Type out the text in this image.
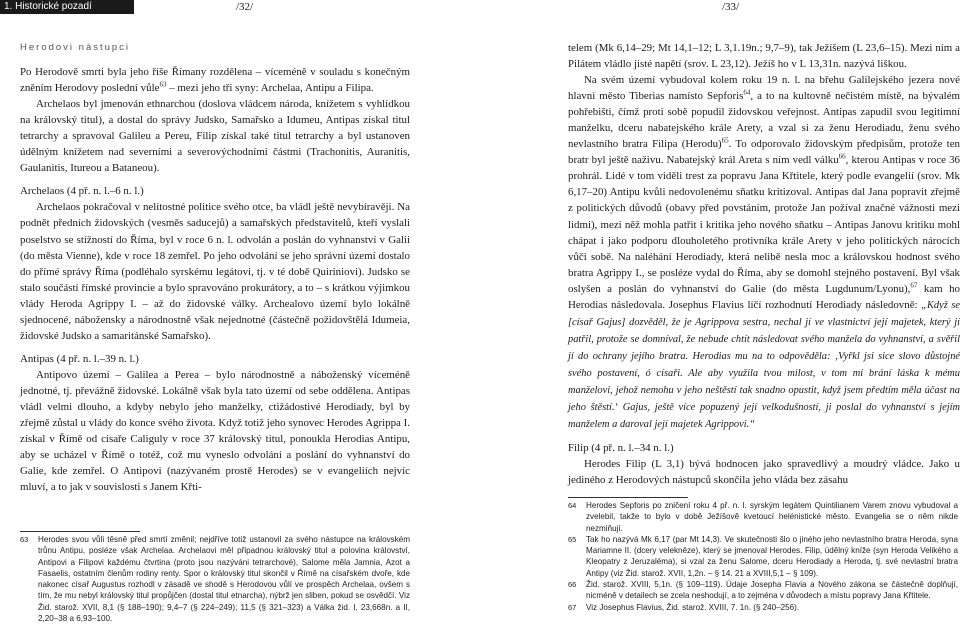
1. Historické pozadí novozákonní doby
/32/	/33/
Herodovi nástupci

Po Herodově smrti byla jeho říše Římany rozdělena – víceméně v souladu s konečným zněním Herodovy poslední vůle$^{63}$ – mezi jeho tři syny: Archelaa, Antipu a Filipa.

Archelaos byl jmenován ethnarchou (doslova vládcem národa, knížetem s vyhlídkou na královský titul), a dostal do správy Judsko, Samařsko a Idumeu, Antipas získal titul tetrarchy a spravoval Galileu a Pereu, Filip získal také titul tetrarchy a byl ustanoven údělným knížetem nad severními a severovýchodními částmi (Trachonitis, Auranitis, Gaulanitis, Itureou a Bataneou).

Archelaos (4 př. n. l.–6 n. l.)

Archelaos pokračoval v nelítostné politice svého otce, ba vládl ještě nevybíravěji. Na podnět předních židovských (vesměs saducejů) a samařských představitelů, kteří vyslali poselstvo se stížností do Říma, byl v roce 6 n. l. odvolán a poslán do vyhnanství v Galii (do města Vienne), kde v roce 18 zemřel. Po jeho odvolání se jeho správní území dostalo do přímé správy Říma (podléhalo syrskému legátovi, tj. v té době Quiriniovi). Judsko se stalo součástí římské provincie a bylo spravováno prokurátory, a to – s krátkou výjimkou vlády Heroda Agrippy I. – až do židovské války. Archealovo území bylo lokálně sjednocené, nábožensky a národnostně však nejednotné (částečně požidovštělá Idumeia, židovské Judsko a samaritánské Samařsko).

Antipas (4 př. n. l.–39 n. l.)

Antipovo území – Galilea a Perea – bylo národnostně a náboženský víceméně jednotné, tj. převážně židovské. Lokálně však byla tato území od sebe oddělena. Antipas vládl velmi dlouho, a kdyby nebylo jeho manželky, ctižádostivé Herodiady, byl by zřejmě zůstal u vlády do konce svého života. Když totiž jeho synovec Herodes Agrippa I. získal v Římě od císaře Caliguly v roce 37 královský titul, ponoukla Herodias Antipu, aby se ucházel v Římě o totéž, což mu vyneslo odvolání a poslání do vyhnanství do Galie, kde zemřel. O Antipovi (nazývaném prostě Herodes) se v evangeliích nejvíc mluví, a to jak v souvislosti s Janem Křti-

63 Herodes svou vůli těsně před smrtí změnil; nejdříve totiž ustanovil za svého nástupce na královském trůnu Antipu, posléze však Archelaa. Archelaovi měl připadnou královský titul a polovina království, Antipovi a Filipovi každému čtvrtina (proto jsou nazýváni tetrarchové), Salome měla Jamnia, Azot a Fasaelis, ostatním členům rodiny renty. Spor o královský titul skončil v Římě na císařském dvoře, kde nakonec císař Augustus rozhodl v zásadě ve shodě s Herodovou vůlí ve prospěch Archelaa, ovšem s tím, že mu nebyl královský titul propůjčen (dostal titul etnarcha), nýbrž jen sliben, pokud se osvědčí. Viz Žid. starož. XVII, 8,1 (§ 188–190); 9,4–7 (§ 224–249); 11,5 (§ 321–323) a Válka žid. I, 23,668n. a II, 2,20–38 a 6,93–100.

telem (Mk 6,14–29; Mt 14,1–12; L 3,1.19n.; 9,7–9), tak Ježíšem (L 23,6–15). Mezi ním a Pilátem vládlo jisté napětí (srov. L 23,12). Ježíš ho v L 13,31n. nazývá liškou.

Na svém území vybudoval kolem roku 19 n. l. na břehu Galilejského jezera nové hlavní město Tiberias namísto Sepforis$^{64}$, a to na kultovně nečistém místě, na bývalém pohřebišti, čímž proti sobě popudil židovskou veřejnost. Antipas zapudil svou legitimní manželku, dceru nabatejského krále Arety, a vzal si za ženu Herodiadu, ženu svého nevlastního bratra Filipa (Herodu)$^{65}$. To odporovalo židovským předpisům, protože ten bratr byl ještě naživu. Nabatejský král Areta s ním vedl válku$^{66}$, kterou Antipas v roce 36 prohrál. Lidé v tom viděli trest za popravu Jana Křtitele, který podle evangelií (srov. Mk 6,17–20) Antipu kvůli nedovolenému sňatku kritizoval. Antipas dal Jana popravit zřejmě z politických důvodů (obavy před povstáním, protože Jan požíval značné vážnosti mezi lidmi), mezi něž mohla patřit i kritika jeho nového sňatku – Antipas Janovu kritiku mohl chápat i jako podporu dlouholetého protivníka krále Arety v jeho politických nárocích vůči sobě. Na naléhání Herodiady, která nelibě nesla moc a královskou hodnost svého bratra Agrippy I., se posléze vydal do Říma, aby se domohl stejného postavení. Byl však oslyšen a poslán do vyhnanství do Galie (do města Lugdunum/Lyonu),$^{67}$ kam ho Herodias následovala. Josephus Flavius líčí rozhodnutí Herodiady následovně: „Když se [císař Gajus] dozvěděl, že je Agrippova sestra, nechal jí ve vlastnictví její majetek, který jí patřil, protože se domníval, že nebude chtít následovat svého manžela do vyhnanství, a svěřil jí do ochrany jejího bratra. Herodias mu na to odpověděla: ‚Vyřkl jsi sice slovo důstojné svého postavení, ó císaři. Ale aby využila tvou milost, v tom mi brání láska k mému manželovi, jehož nemohu v jeho neštěstí tak snadno opustit, když jsem předtím měla účast na jeho štěstí.‘ Gajus, ještě více popuzený její velkodušností, ji poslal do vyhnanství s jejím manželem a daroval její majetek Agrippovi.“

Filip (4 př. n. l.–34 n. l.)

Herodes Filip (L 3,1) bývá hodnocen jako spravedlivý a moudrý vládce. Jako u jediného z Herodových nástupců skončila jeho vláda bez zásahu

64 Herodes Sepforis po zničení roku 4 př. n. l. syrským legátem Quintilianem Varem znovu vybudoval a zvelebil, takže to bylo v době Ježíšově kvetoucí helénistické město. Evangelia se o něm nikde nezmiňují.
65 Tak ho nazývá Mk 6,17 (par Mt 14,3). Ve skutečnosti šlo o jiného jeho nevlastního bratra Heroda, syna Mariamne II. (dcery velekněze), který se jmenoval Herodes. Filip, údělný kníže (syn Heroda Velikého a Kleopatry z Jeruzaléma), si vzal za ženu Salome, dceru Herodiady a Heroda, tj. své nevlastní bratra Antipy (viz Žid. starož. XVII, 1,2n. – § 14. 21 a XVIII,5,1 – § 109).
66 Žid. starož. XVIII, 5,1n. (§ 109–119). Údaje Josepha Flavia a Nového zákona se částečně doplňují, nicméně v detailech se zcela neshodují, a to zejména v důvodech a místu popravy Jana Křtitele.
67 Viz Josephus Flavius, Žid. starož. XVIII, 7. 1n. (§ 240–256).
